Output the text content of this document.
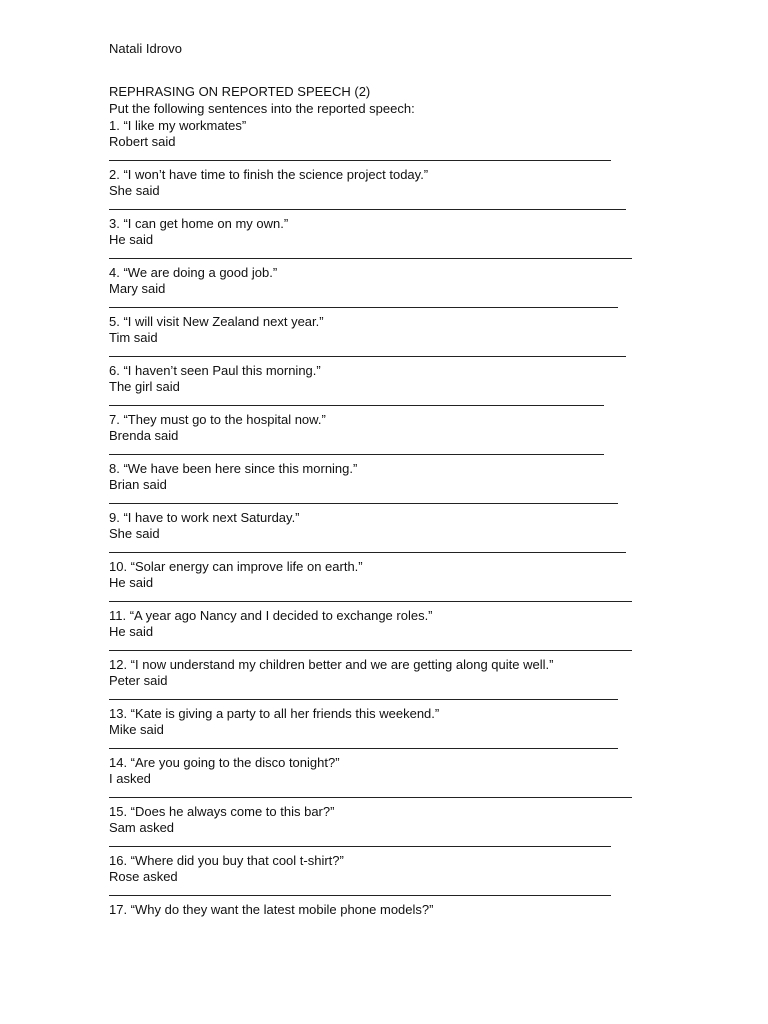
Natali Idrovo
REPHRASING ON REPORTED SPEECH (2)
Put the following sentences into the reported speech:
1. “I like my workmates”
Robert said
2. “I won’t have time to finish the science project today.”
She said
3. “I can get home on my own.”
He said
4. “We are doing a good job.”
Mary said
5. “I will visit New Zealand next year.”
Tim said
6. “I haven’t seen Paul this morning.”
The girl said
7. “They must go to the hospital now.”
Brenda said
8. “We have been here since this morning.”
Brian said
9. “I have to work next Saturday.”
She said
10. “Solar energy can improve life on earth.”
He said
11. “A year ago Nancy and I decided to exchange roles.”
He said
12. “I now understand my children better and we are getting along quite well.”
Peter said
13. “Kate is giving a party to all her friends this weekend.”
Mike said
14. “Are you going to the disco tonight?”
I asked
15. “Does he always come to this bar?”
Sam asked
16. “Where did you buy that cool t-shirt?”
Rose asked
17. “Why do they want the latest mobile phone models?”
